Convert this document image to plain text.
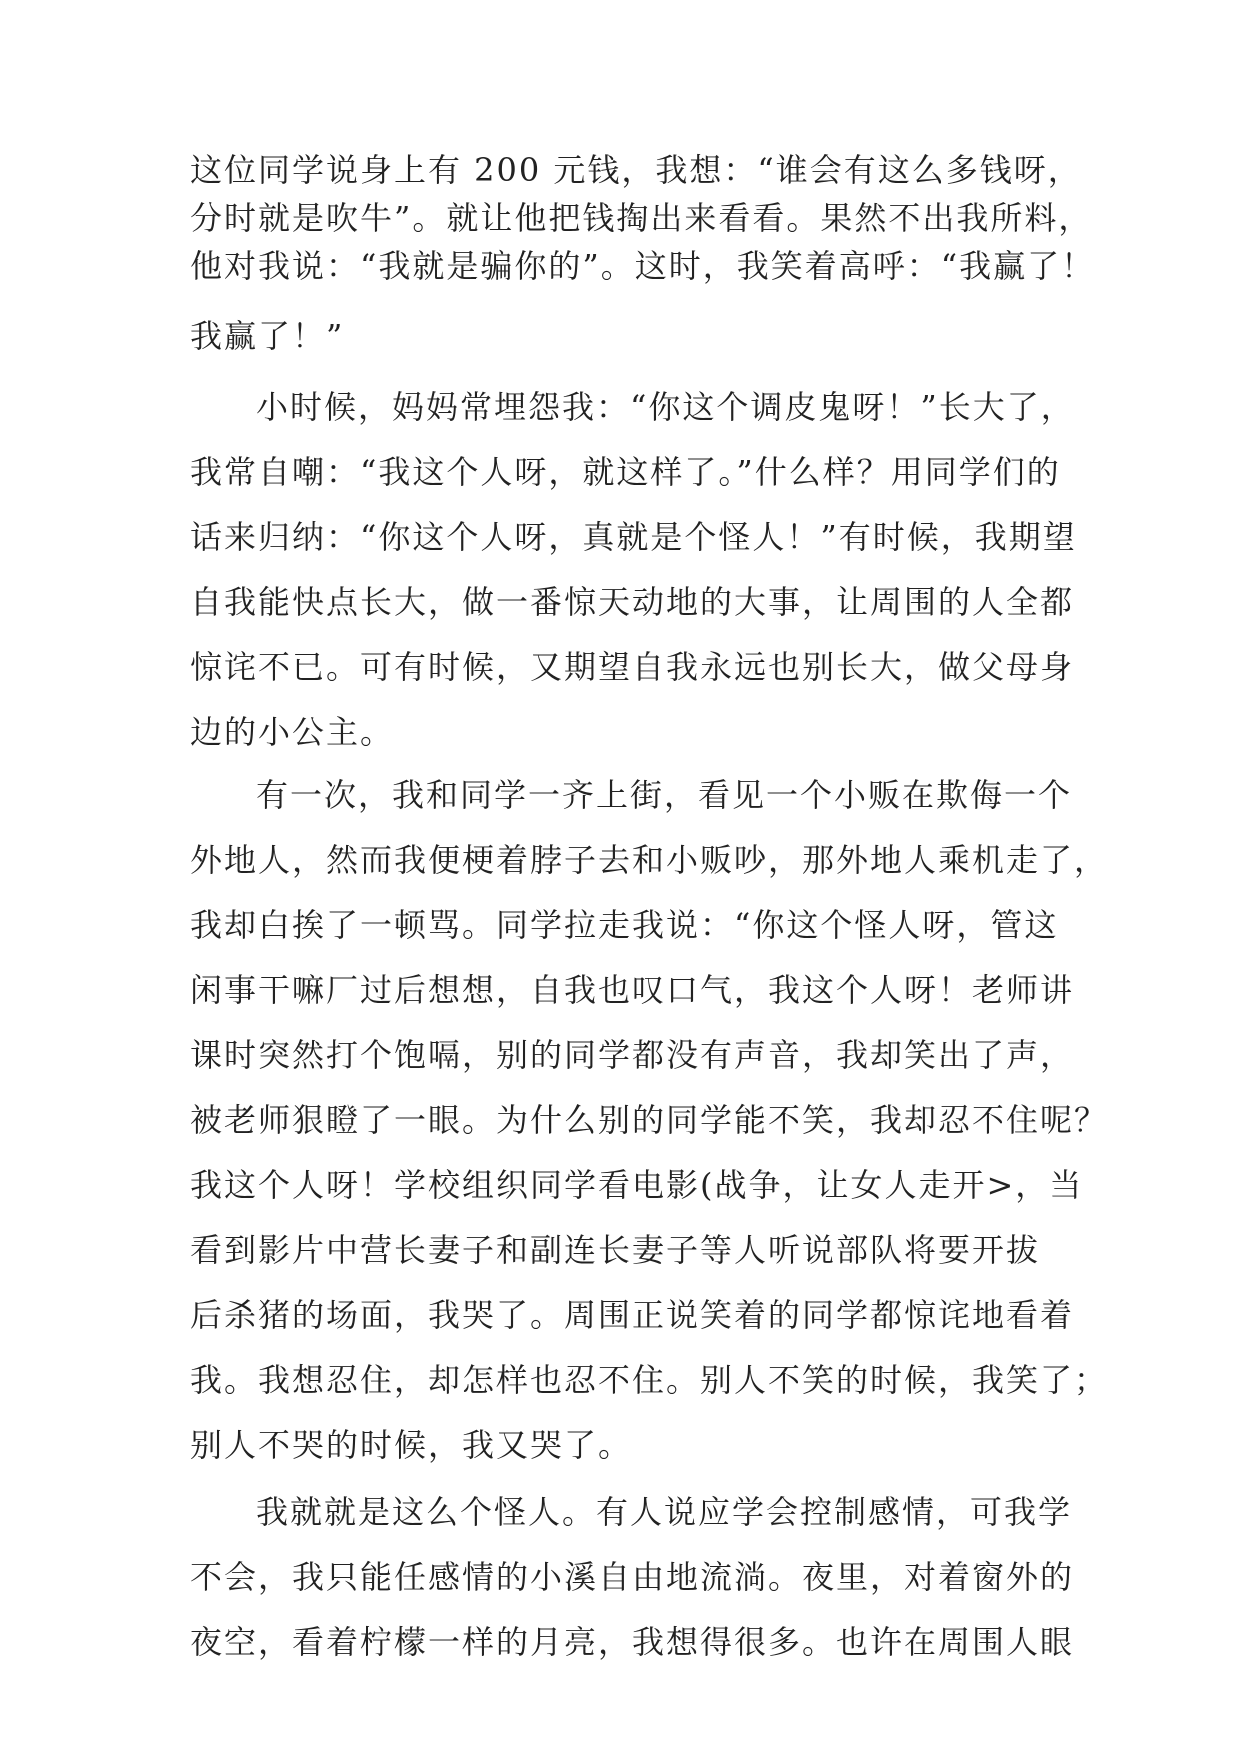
这位同学说身上有 200 元钱，我想：“谁会有这么多钱呀，
分时就是吹牛”。就让他把钱掏出来看看。果然不出我所料，
他对我说：“我就是骗你的”。这时，我笑着高呼：“我赢了！
我赢了！”
小时候，妈妈常埋怨我：“你这个调皮鬼呀！”长大了，
我常自嘲：“我这个人呀，就这样了。”什么样？用同学们的
话来归纳：“你这个人呀，真就是个怪人！”有时候，我期望
自我能快点长大，做一番惊天动地的大事，让周围的人全都
惊诧不已。可有时候，又期望自我永远也别长大，做父母身
边的小公主。
有一次，我和同学一齐上街，看见一个小贩在欺侮一个
外地人，然而我便梗着脖子去和小贩吵，那外地人乘机走了，
我却白挨了一顿骂。同学拉走我说：“你这个怪人呀，管这
闲事干嘛厂过后想想，自我也叹口气，我这个人呀！老师讲
课时突然打个饱嗝，别的同学都没有声音，我却笑出了声，
被老师狠瞪了一眼。为什么别的同学能不笑，我却忍不住呢？
我这个人呀！学校组织同学看电影(战争，让女人走开>，当
看到影片中营长妻子和副连长妻子等人听说部队将要开拔
后杀猪的场面，我哭了。周围正说笑着的同学都惊诧地看着
我。我想忍住，却怎样也忍不住。别人不笑的时候，我笑了；
别人不哭的时候，我又哭了。
我就就是这么个怪人。有人说应学会控制感情，可我学
不会，我只能任感情的小溪自由地流淌。夜里，对着窗外的
夜空，看着柠檬一样的月亮，我想得很多。也许在周围人眼
